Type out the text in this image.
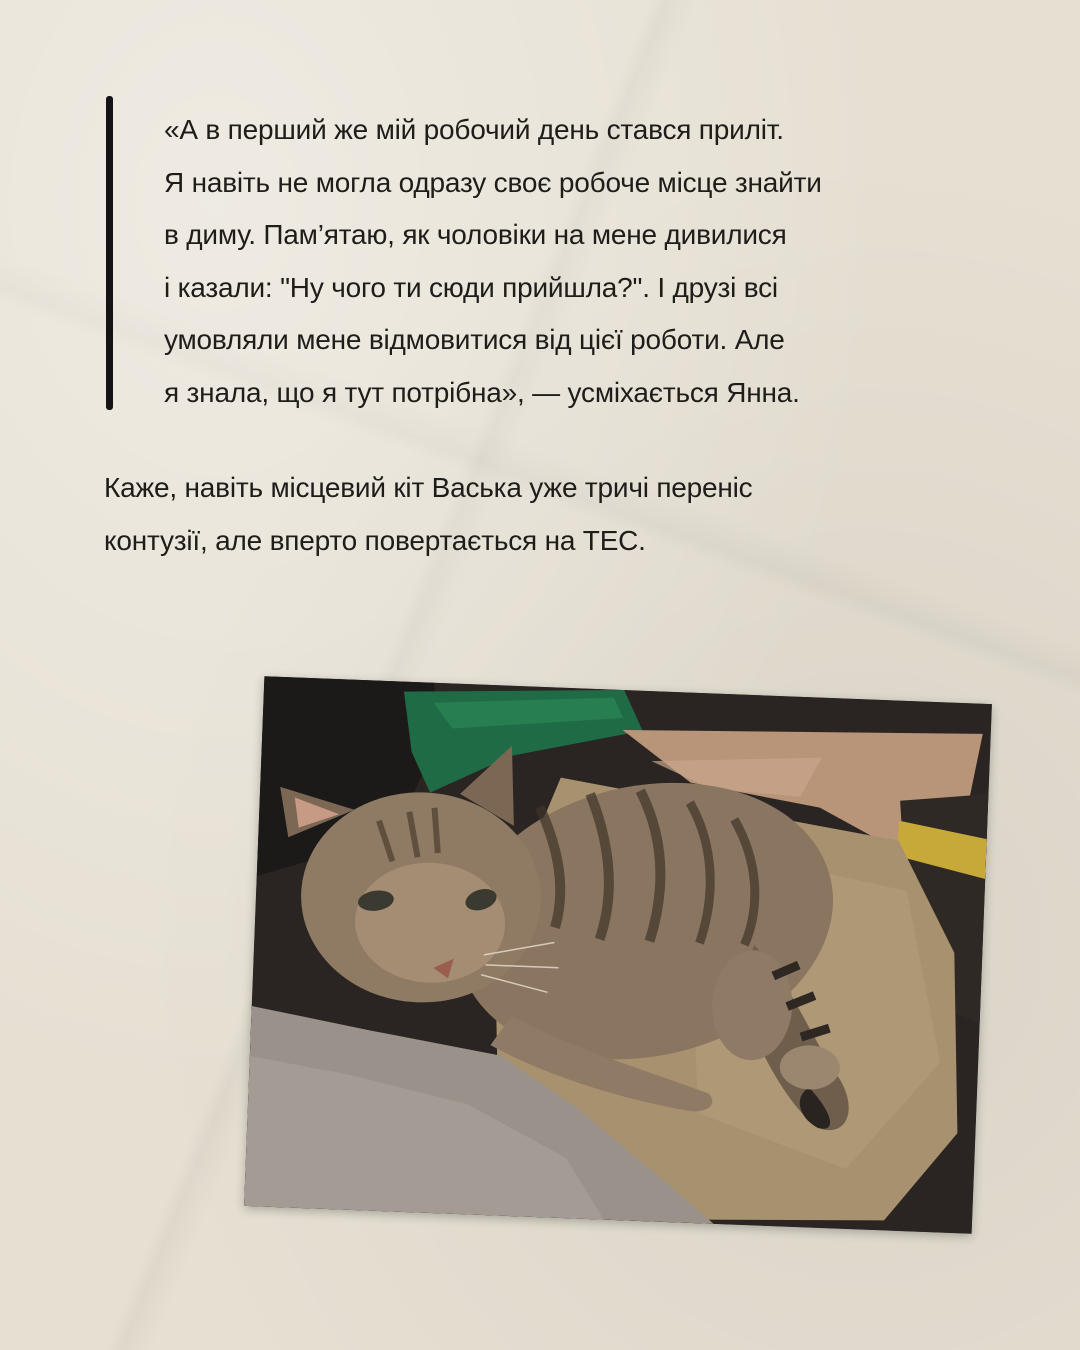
«А в перший же мій робочий день стався приліт.
Я навіть не могла одразу своє робоче місце знайти
в диму. Пам’ятаю, як чоловіки на мене дивилися
і казали: "Ну чого ти сюди прийшла?". І друзі всі
умовляли мене відмовитися від цієї роботи. Але
я знала, що я тут потрібна», — усміхається Янна.

Каже, навіть місцевий кіт Васька уже тричі переніс
контузії, але вперто повертається на ТЕС.
